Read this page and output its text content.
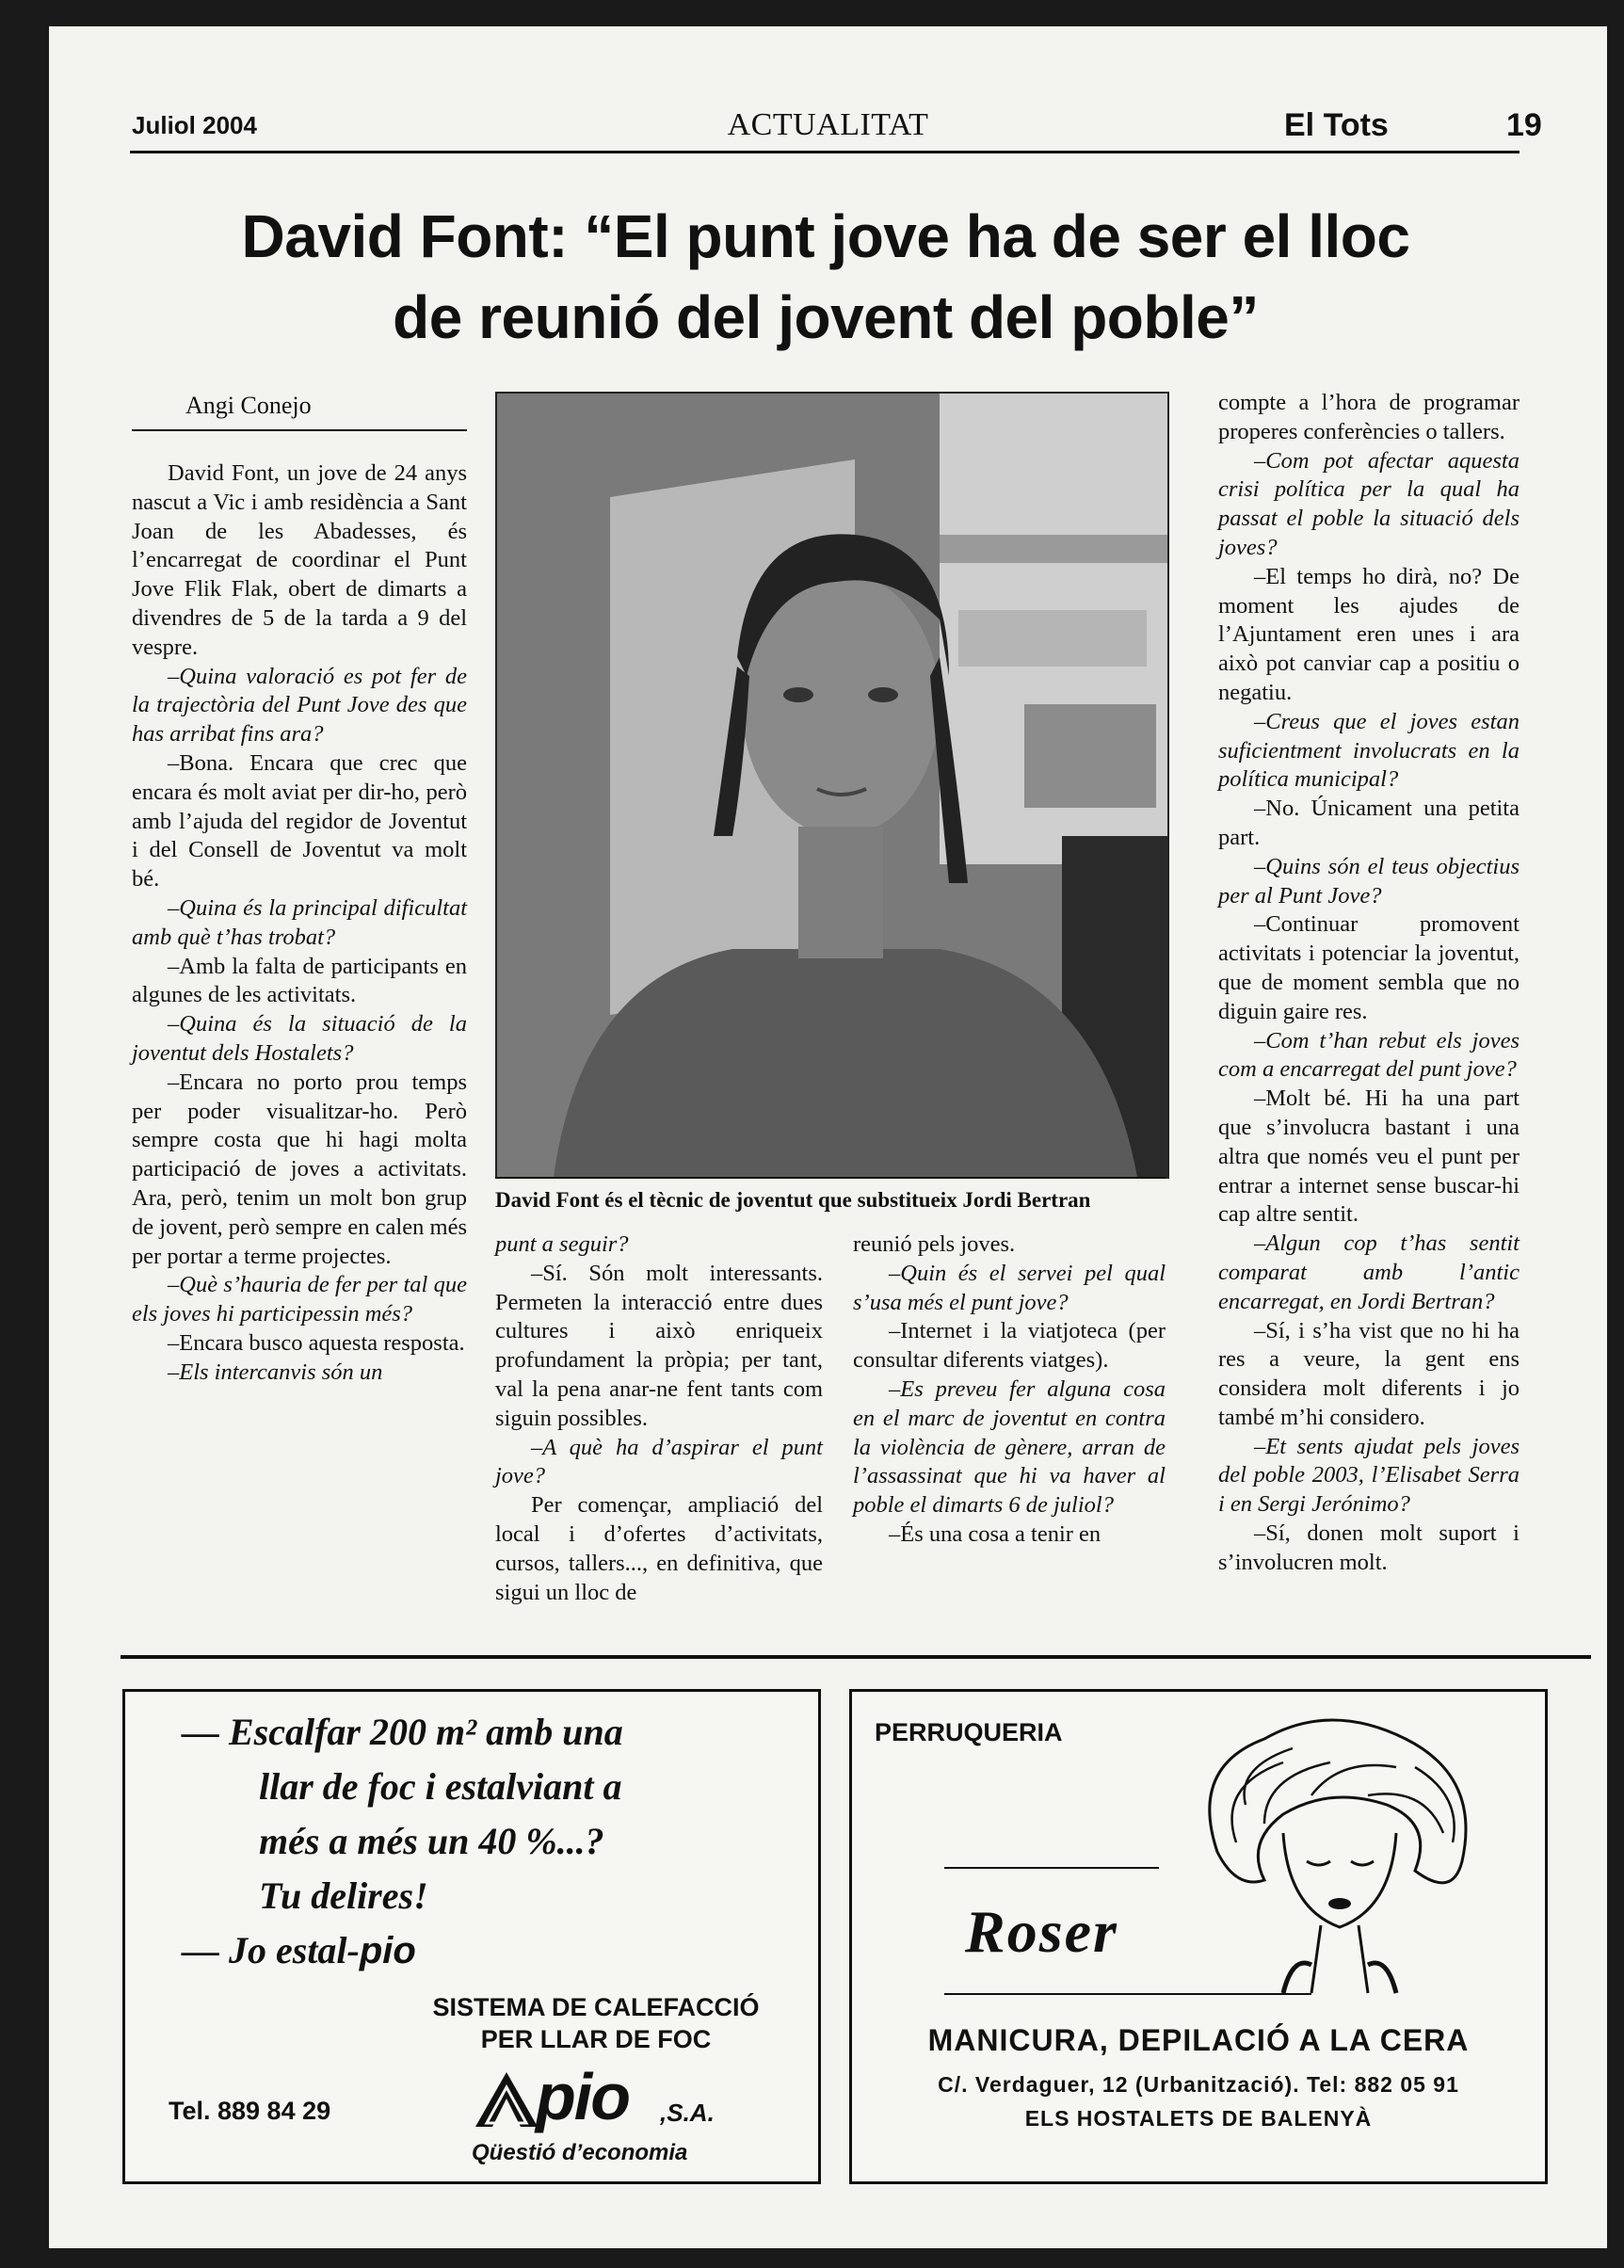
Juliol 2004	ACTUALITAT	El Tots	19
David Font: “El punt jove ha de ser el lloc
de reunió del jovent del poble”
Angi Conejo

David Font, un jove de 24 anys nascut a Vic i amb residència a Sant Joan de les Abadesses, és l’encarregat de coordinar el Punt Jove Flik Flak, obert de dimarts a divendres de 5 de la tarda a 9 del vespre.

–Quina valoració es pot fer de la trajectòria del Punt Jove des que has arribat fins ara?

–Bona. Encara que crec que encara és molt aviat per dir-ho, però amb l’ajuda del regidor de Joventut i del Consell de Joventut va molt bé.

–Quina és la principal dificultat amb què t’has trobat?

–Amb la falta de participants en algunes de les activitats.

–Quina és la situació de la joventut dels Hostalets?

–Encara no porto prou temps per poder visualitzar-ho. Però sempre costa que hi hagi molta participació de joves a activitats. Ara, però, tenim un molt bon grup de jovent, però sempre en calen més per portar a terme projectes.

–Què s’hauria de fer per tal que els joves hi participessin més?

–Encara busco aquesta resposta.

–Els intercanvis són un

David Font és el tècnic de joventut que substitueix Jordi Bertran

punt a seguir?

–Sí. Són molt interessants. Permeten la interacció entre dues cultures i això enriqueix profundament la pròpia; per tant, val la pena anar-ne fent tants com siguin possibles.

–A què ha d’aspirar el punt jove?

Per començar, ampliació del local i d’ofertes d’activitats, cursos, tallers..., en definitiva, que sigui un lloc de

reunió pels joves.

–Quin és el servei pel qual s’usa més el punt jove?

–Internet i la viatjoteca (per consultar diferents viatges).

–Es preveu fer alguna cosa en el marc de joventut en contra la violència de gènere, arran de l’assassinat que hi va haver al poble el dimarts 6 de juliol?

–És una cosa a tenir en

compte a l’hora de programar properes conferències o tallers.

–Com pot afectar aquesta crisi política per la qual ha passat el poble la situació dels joves?

–El temps ho dirà, no? De moment les ajudes de l’Ajuntament eren unes i ara això pot canviar cap a positiu o negatiu.

–Creus que el joves estan suficientment involucrats en la política municipal?

–No. Únicament una petita part.

–Quins són el teus objectius per al Punt Jove?

–Continuar promovent activitats i potenciar la joventut, que de moment sembla que no diguin gaire res.

–Com t’han rebut els joves com a encarregat del punt jove?

–Molt bé. Hi ha una part que s’involucra bastant i una altra que només veu el punt per entrar a internet sense buscar-hi cap altre sentit.

–Algun cop t’has sentit comparat amb l’antic encarregat, en Jordi Bertran?

–Sí, i s’ha vist que no hi ha res a veure, la gent ens considera molt diferents i jo també m’hi considero.

–Et sents ajudat pels joves del poble 2003, l’Elisabet Serra i en Sergi Jerónimo?

–Sí, donen molt suport i s’involucren molt.

— Escalfar 200 m² amb una
llar de foc i estalviant a
més a més un 40 %...?
Tu delires!
— Jo estal-pio
SISTEMA DE CALEFACCIÓ
PER LLAR DE FOC
Tel. 889 84 29	pio ,S.A.
Qüestió d’economia
PERRUQUERIA
Roser
MANICURA, DEPILACIÓ A LA CERA
C/. Verdaguer, 12 (Urbanització). Tel: 882 05 91
ELS HOSTALETS DE BALENYÀ
